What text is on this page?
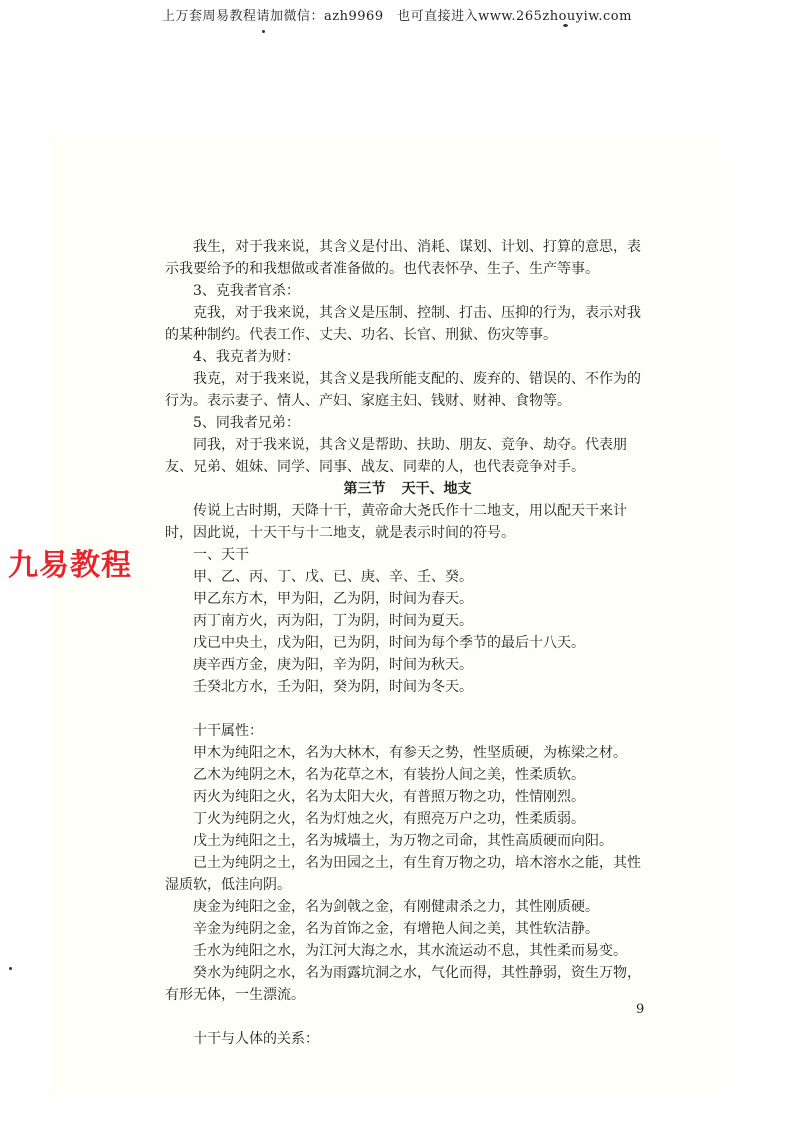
上万套周易教程请加微信：azh9969　也可直接进入www.265zhouyiw.com
九易教程

我生，对于我来说，其含义是付出、消耗、谋划、计划、打算的意思，表示我要给予的和我想做或者准备做的。也代表怀孕、生子、生产等事。

3、克我者官杀：

克我，对于我来说，其含义是压制、控制、打击、压抑的行为，表示对我的某种制约。代表工作、丈夫、功名、长官、刑狱、伤灾等事。

4、我克者为财：

我克，对于我来说，其含义是我所能支配的、废弃的、错误的、不作为的行为。表示妻子、情人、产妇、家庭主妇、钱财、财神、食物等。

5、同我者兄弟：

同我，对于我来说，其含义是帮助、扶助、朋友、竞争、劫夺。代表朋友、兄弟、姐妹、同学、同事、战友、同辈的人，也代表竞争对手。

第三节 天干、地支

传说上古时期，天降十干，黄帝命大尧氏作十二地支，用以配天干来计时，因此说，十天干与十二地支，就是表示时间的符号。

一、天干

甲、乙、丙、丁、戊、已、庚、辛、壬、癸。

甲乙东方木，甲为阳，乙为阴，时间为春天。

丙丁南方火，丙为阳，丁为阴，时间为夏天。

戊已中央土，戊为阳，已为阴，时间为每个季节的最后十八天。

庚辛西方金，庚为阳，辛为阴，时间为秋天。

壬癸北方水，壬为阳，癸为阴，时间为冬天。

十干属性：

甲木为纯阳之木，名为大林木，有参天之势，性坚质硬，为栋梁之材。

乙木为纯阴之木，名为花草之木，有装扮人间之美，性柔质软。

丙火为纯阳之火，名为太阳大火，有普照万物之功，性情刚烈。

丁火为纯阴之火，名为灯烛之火，有照亮万户之功，性柔质弱。

戊土为纯阳之土，名为城墙土，为万物之司命，其性高质硬而向阳。

已土为纯阴之土，名为田园之土，有生育万物之功，培木溶水之能，其性湿质软，低洼向阴。

庚金为纯阳之金，名为剑戟之金，有刚健肃杀之力，其性刚质硬。

辛金为纯阴之金，名为首饰之金，有增艳人间之美，其性软洁静。

壬水为纯阳之水，为江河大海之水，其水流运动不息，其性柔而易变。

癸水为纯阴之水，名为雨露坑洞之水，气化而得，其性静弱，资生万物，有形无体，一生漂流。

十干与人体的关系：

9
